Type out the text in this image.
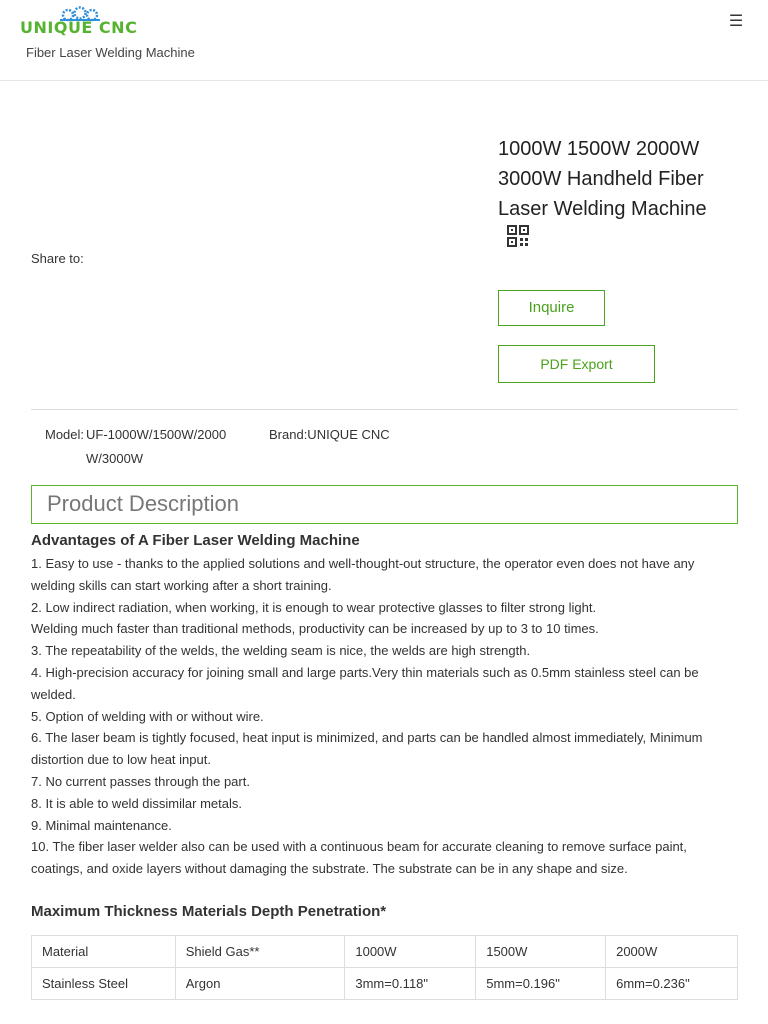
UNIQUE CNC
Fiber Laser Welding Machine
☰
1000W 1500W 2000W 3000W Handheld Fiber Laser Welding Machine
Share to:
Inquire
PDF Export
Model: UF-1000W/1500W/2000W/3000W
Brand:UNIQUE CNC
Product Description
Advantages of A Fiber Laser Welding Machine

1. Easy to use - thanks to the applied solutions and well-thought-out structure, the operator even does not have any welding skills can start working after a short training.

2. Low indirect radiation, when working, it is enough to wear protective glasses to filter strong light.

Welding much faster than traditional methods, productivity can be increased by up to 3 to 10 times.

3. The repeatability of the welds, the welding seam is nice, the welds are high strength.

4. High-precision accuracy for joining small and large parts.Very thin materials such as 0.5mm stainless steel can be welded.

5. Option of welding with or without wire.

6. The laser beam is tightly focused, heat input is minimized, and parts can be handled almost immediately, Minimum distortion due to low heat input.

7. No current passes through the part.

8. It is able to weld dissimilar metals.

9. Minimal maintenance.

10. The fiber laser welder also can be used with a continuous beam for accurate cleaning to remove surface paint, coatings, and oxide layers without damaging the substrate. The substrate can be in any shape and size.

Maximum Thickness Materials Depth Penetration*
Material	Shield Gas**	1000W	1500W	2000W
Stainless Steel	Argon	3mm=0.118"	5mm=0.196"	6mm=0.236"
